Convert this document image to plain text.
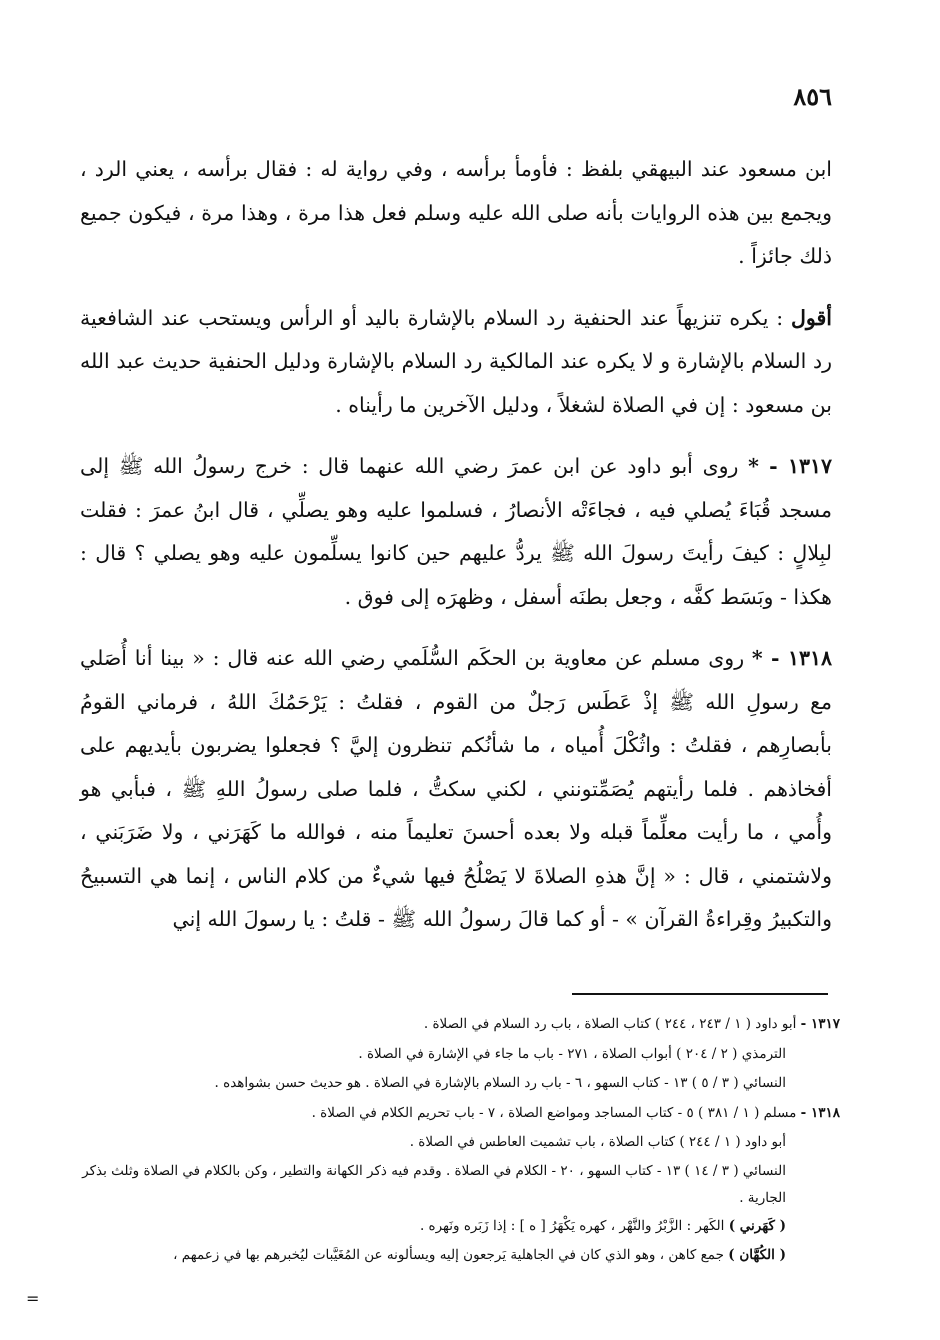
٨٥٦

ابن مسعود عند البيهقي بلفظ : فأومأ برأسه ، وفي رواية له : فقال برأسه ، يعني الرد ، ويجمع بين هذه الروايات بأنه صلى الله عليه وسلم فعل هذا مرة ، وهذا مرة ، فيكون جميع ذلك جائزاً .

أقول : يكره تنزيهاً عند الحنفية رد السلام بالإشارة باليد أو الرأس ويستحب عند الشافعية رد السلام بالإشارة و لا يكره عند المالكية رد السلام بالإشارة ودليل الحنفية حديث عبد الله بن مسعود : إن في الصلاة لشغلاً ، ودليل الآخرين ما رأيناه .

١٣١٧ - * روى أبو داود عن ابن عمرَ رضي الله عنهما قال : خرج رسولُ الله ﷺ إلى مسجد قُبَاءَ يُصلي فيه ، فجاءَتْه الأنصارُ ، فسلموا عليه وهو يصلِّي ، قال ابنُ عمرَ : فقلت لبِلالٍ : كيفَ رأيتَ رسولَ الله ﷺ يردُّ عليهم حين كانوا يسلِّمون عليه وهو يصلي ؟ قال : هكذا - وبَسَط كفَّه ، وجعل بطنَه أسفل ، وظهرَه إلى فوق .

١٣١٨ - * روى مسلم عن معاوية بن الحكَم السُّلَمي رضي الله عنه قال : « بينا أنا أُصَلي مع رسولِ الله ﷺ إذْ عَطَس رَجلٌ من القوم ، فقلتُ : يَرْحَمُكَ اللهُ ، فرماني القومُ بأبصارِهم ، فقلتُ : واثُكْلَ أُمياه ، ما شأنُكم تنظرون إليَّ ؟ فجعلوا يضربون بأيديهم على أفخاذهم . فلما رأيتهم يُصَمِّتونني ، لكني سكتُّ ، فلما صلى رسولُ اللهِ ﷺ ، فبأبي هو وأُمي ، ما رأيت معلِّماً قبله ولا بعده أحسنَ تعليماً منه ، فوالله ما كَهَرَني ، ولا ضَرَبَني ، ولاشتمني ، قال : « إنَّ هذهِ الصلاةَ لا يَصْلُحُ فيها شيءٌ من كلام الناس ، إنما هي التسبيحُ والتكبيرُ وقِراءةُ القرآن » - أو كما قالَ رسولُ الله ﷺ - قلتُ : يا رسولَ الله إني

١٣١٧ - أبو داود ( ١ / ٢٤٣ ، ٢٤٤ ) كتاب الصلاة ، باب رد السلام في الصلاة .

الترمذي ( ٢ / ٢٠٤ ) أبواب الصلاة ، ٢٧١ - باب ما جاء في الإشارة في الصلاة .

النسائي ( ٣ / ٥ ) ١٣ - كتاب السهو ، ٦ - باب رد السلام بالإشارة في الصلاة . هو حديث حسن بشواهده .

١٣١٨ - مسلم ( ١ / ٣٨١ ) ٥ - كتاب المساجد ومواضع الصلاة ، ٧ - باب تحريم الكلام في الصلاة .

أبو داود ( ١ / ٢٤٤ ) كتاب الصلاة ، باب تشميت العاطس في الصلاة .

النسائي ( ٣ / ١٤ ) ١٣ - كتاب السهو ، ٢٠ - الكلام في الصلاة . وقدم فيه ذكر الكهانة والتطير ، وكن بالكلام في الصلاة وثلث بذكر الجارية .

( كَهَرني ) الكَهر : الزَّبْرُ والنَّهْر ، كهره يَكْهَرُ [ ه ] : إذا زَبَره ونَهره .

( الكُهَّان ) جمع كاهن ، وهو الذي كان في الجاهلية يَرجعون إليه ويسألونه عن المُغَيَّبات ليُخبرهم بها في زعمهم ،

=
